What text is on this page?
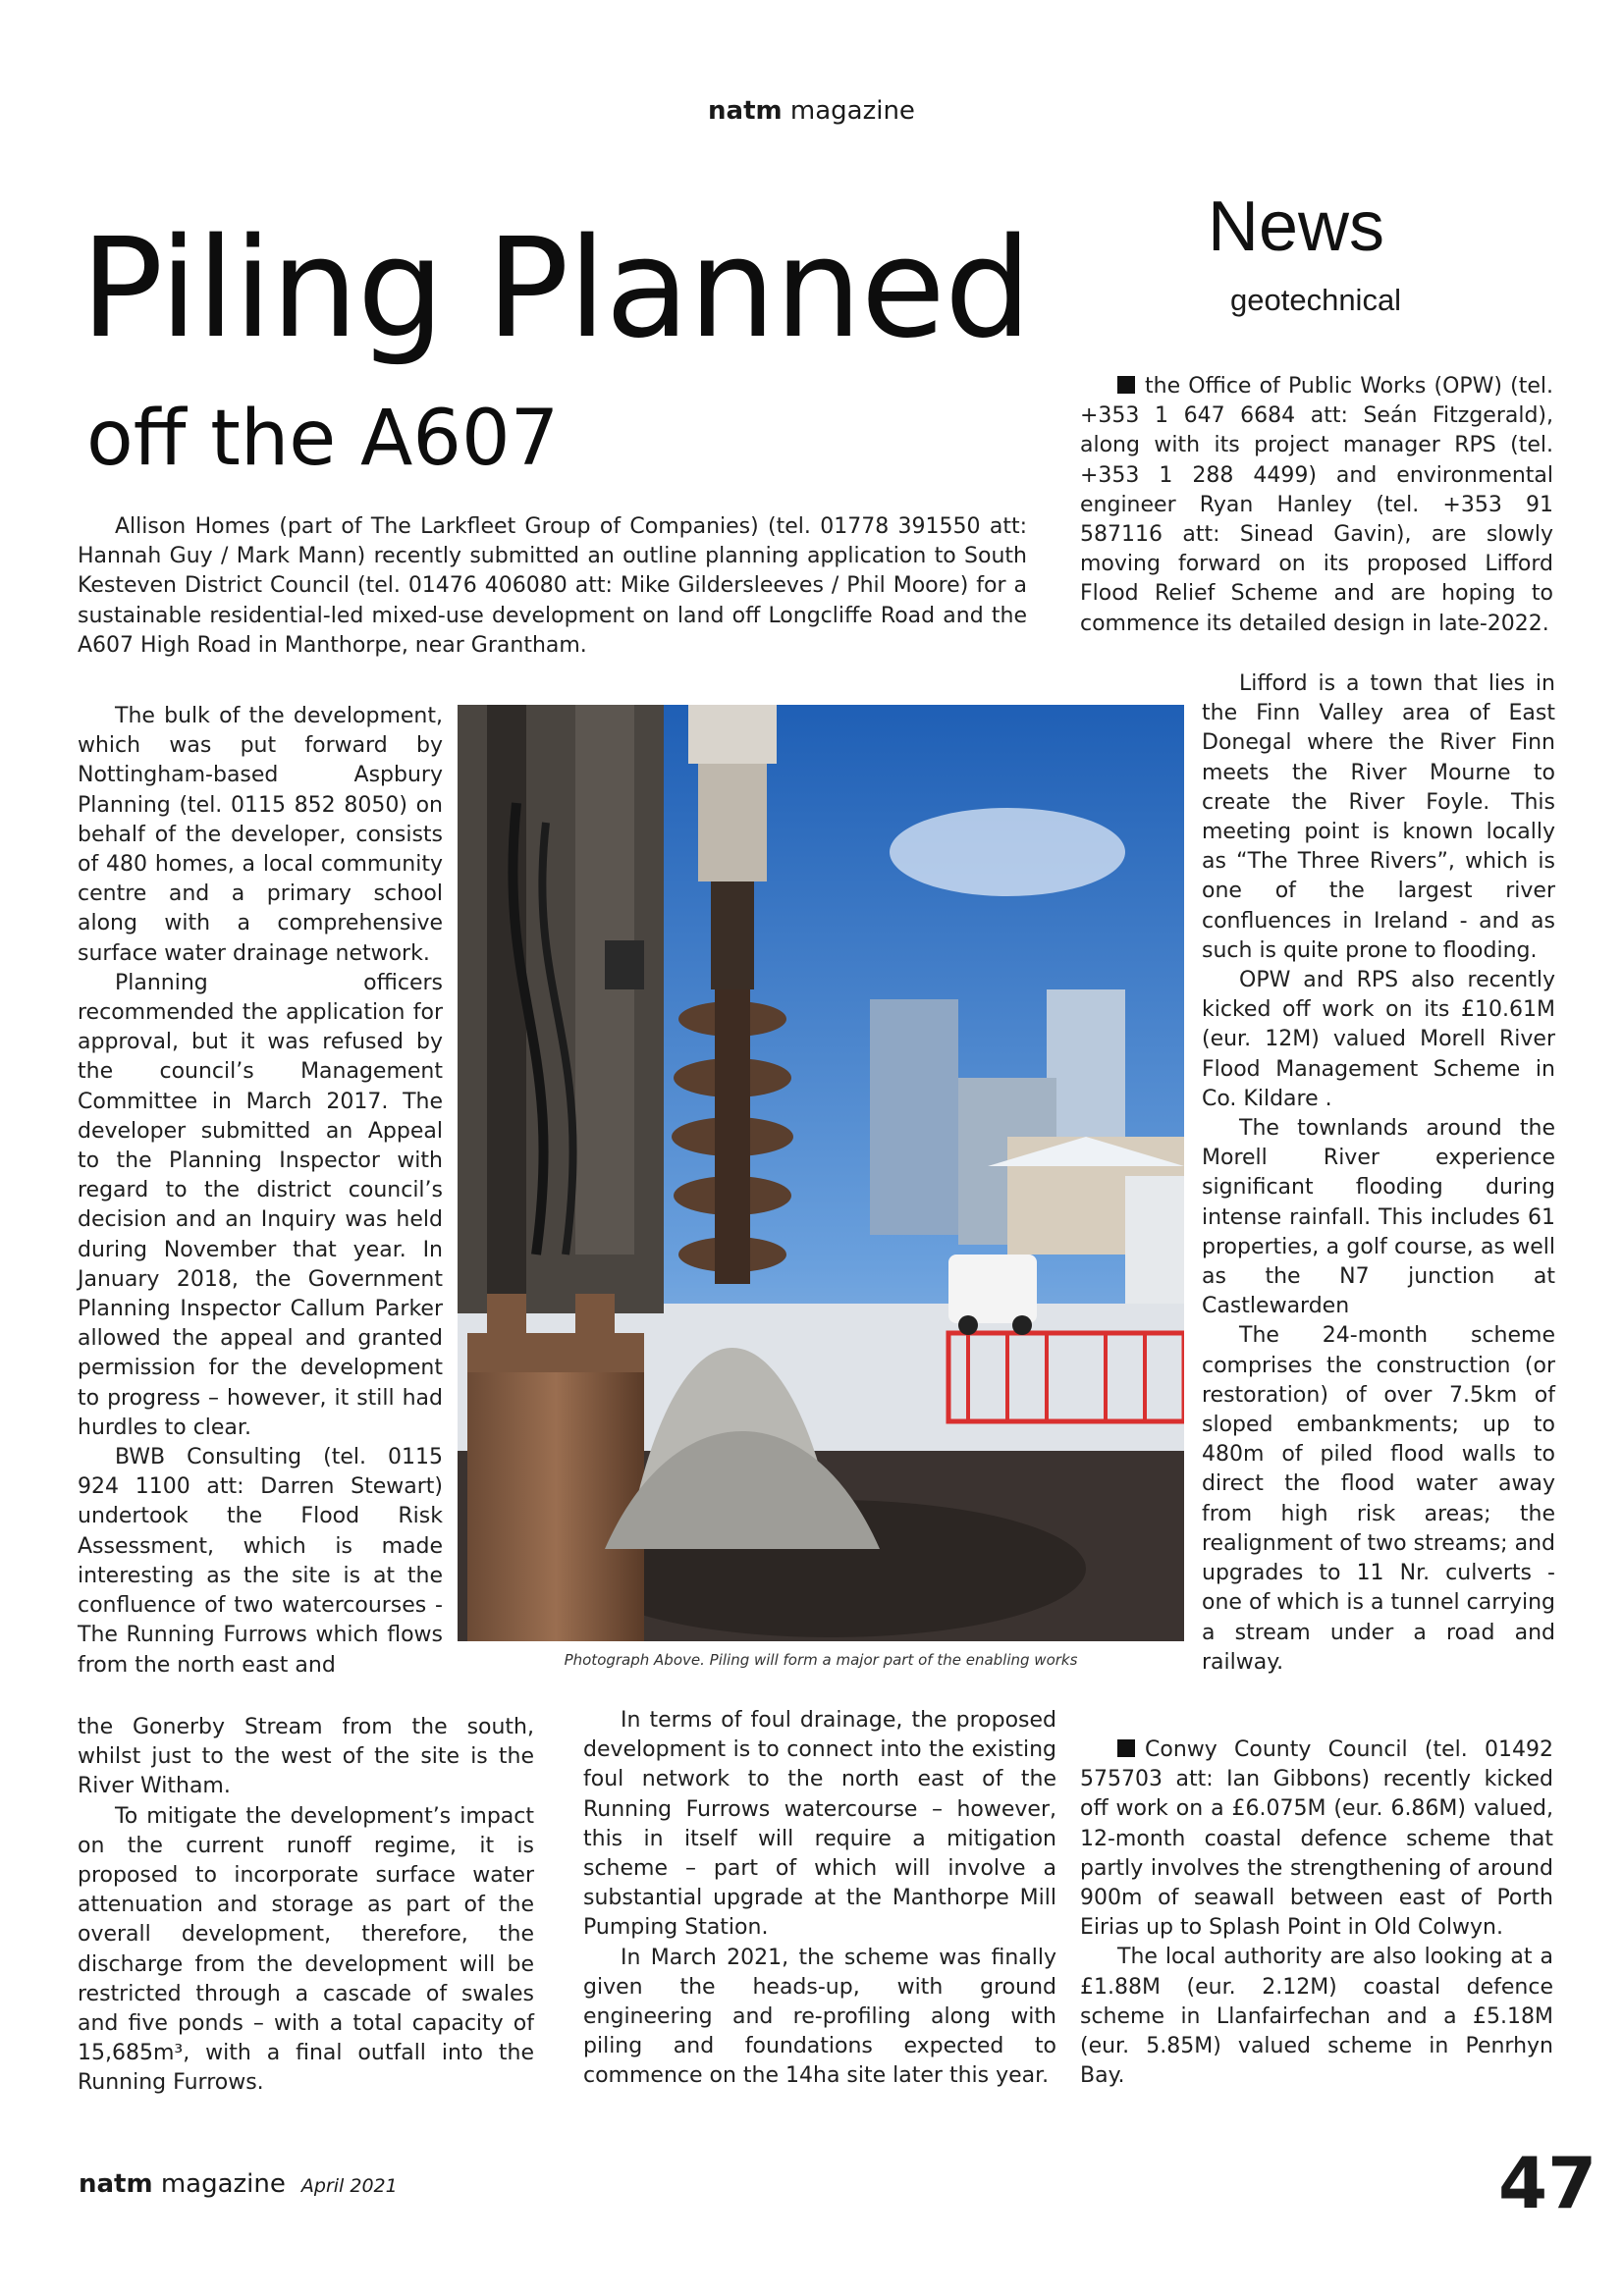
natm magazine
News
geotechnical
Piling Planned
off the A607

Allison Homes (part of The Larkfleet Group of Companies) (tel. 01778 391550 att: Hannah Guy / Mark Mann) recently submitted an outline planning application to South Kesteven District Council (tel. 01476 406080 att: Mike Gildersleeves / Phil Moore) for a sustainable residential-led mixed-use development on land off Longcliffe Road and the A607 High Road in Manthorpe, near Grantham.

The bulk of the development, which was put forward by Nottingham-based Aspbury Planning (tel. 0115 852 8050) on behalf of the developer, consists of 480 homes, a local community centre and a primary school along with a comprehensive surface water drainage network.

Planning officers recommended the application for approval, but it was refused by the council’s Management Committee in March 2017. The developer submitted an Appeal to the Planning Inspector with regard to the district council’s decision and an Inquiry was held during November that year. In January 2018, the Government Planning Inspector Callum Parker allowed the appeal and granted permission for the development to progress – however, it still had hurdles to clear.

BWB Consulting (tel. 0115 924 1100 att: Darren Stewart) undertook the Flood Risk Assessment, which is made interesting as the site is at the confluence of two watercourses - The Running Furrows which flows from the north east and	Photograph Above. Piling will form a major part of the enabling works

the Gonerby Stream from the south, whilst just to the west of the site is the River Witham.

To mitigate the development’s impact on the current runoff regime, it is proposed to incorporate surface water attenuation and storage as part of the overall development, therefore, the discharge from the development will be restricted through a cascade of swales and five ponds – with a total capacity of 15,685m³, with a final outfall into the Running Furrows.

In terms of foul drainage, the proposed development is to connect into the existing foul network to the north east of the Running Furrows watercourse – however, this in itself will require a mitigation scheme – part of which will involve a substantial upgrade at the Manthorpe Mill Pumping Station.

In March 2021, the scheme was finally given the heads-up, with ground engineering and re-profiling along with piling and foundations expected to commence on the 14ha site later this year.

the Office of Public Works (OPW) (tel. +353 1 647 6684 att: Seán Fitzgerald), along with its project manager RPS (tel. +353 1 288 4499) and environmental engineer Ryan Hanley (tel. +353 91 587116 att: Sinead Gavin), are slowly moving forward on its proposed Lifford Flood Relief Scheme and are hoping to commence its detailed design in late-2022.

Lifford is a town that lies in the Finn Valley area of East Donegal where the River Finn meets the River Mourne to create the River Foyle. This meeting point is known locally as “The Three Rivers”, which is one of the largest river confluences in Ireland - and as such is quite prone to flooding.

OPW and RPS also recently kicked off work on its £10.61M (eur. 12M) valued Morell River Flood Management Scheme in Co. Kildare .

The townlands around the Morell River experience significant flooding during intense rainfall. This includes 61 properties, a golf course, as well as the N7 junction at Castlewarden

The 24-month scheme comprises the construction (or restoration) of over 7.5km of sloped embankments; up to 480m of piled flood walls to direct the flood water away from high risk areas; the realignment of two streams; and upgrades to 11 Nr. culverts - one of which is a tunnel carrying a stream under a road and railway.

Conwy County Council (tel. 01492 575703 att: Ian Gibbons) recently kicked off work on a £6.075M (eur. 6.86M) valued, 12-month coastal defence scheme that partly involves the strengthening of around 900m of seawall between east of Porth Eirias up to Splash Point in Old Colwyn.

The local authority are also looking at a £1.88M (eur. 2.12M) coastal defence scheme in Llanfairfechan and a £5.18M (eur. 5.85M) valued scheme in Penrhyn Bay.

natm magazine April 2021	47
